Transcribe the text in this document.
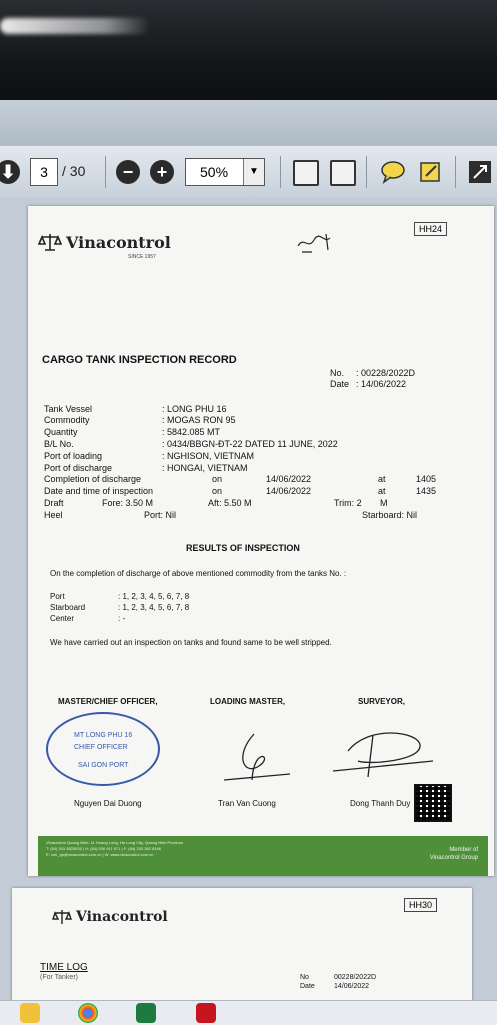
⬇	3	/ 30	−	+	50%	▼
HH24
Vinacontrol
SINCE 1957
CARGO TANK INSPECTION RECORD
No. : 00228/2022D
Date : 14/06/2022
Tank Vessel	: LONG PHU 16
Commodity	: MOGAS RON 95
Quantity	: 5842.085 MT
B/L No.	: 0434/BBGN-ĐT-22 DATED 11 JUNE, 2022
Port of loading	: NGHISON, VIETNAM
Port of discharge	: HONGAI, VIETNAM
Completion of discharge	on	14/06/2022	at	1405
Date and time of inspection	on	14/06/2022	at	1435
Draft	Fore: 3.50 M	Aft: 5.50 M	Trim: 2 M
Heel	Port: Nil	Starboard: Nil
RESULTS OF INSPECTION
On the completion of discharge of above mentioned commodity from the tanks No. :
Port	: 1, 2, 3, 4, 5, 6, 7, 8
Starboard	: 1, 2, 3, 4, 5, 6, 7, 8
Center	: -
We have carried out an inspection on tanks and found same to be well stripped.
MASTER/CHIEF OFFICER,	LOADING MASTER,	SURVEYOR,
MT LONG PHU 16
CHIEF OFFICER
SAI GON PORT
Nguyen Dai Duong	Tran Van Cuong	Dong Thanh Duy
Vinacontrol Quang Ninh: 11 Hoang Long, Ha Long City, Quang Ninh Province
T: (84) 203 3825535 | H: (84) 936 911 971 | F: (84) 203 382 8166
E: vnh_qn@vinacontrol.com.vn | W: www.vinacontrol.com.vn
Member of
Vinacontrol Group
HH30
Vinacontrol
TIME LOG
(For Tanker)	No	00228/2022D
Date	14/06/2022
